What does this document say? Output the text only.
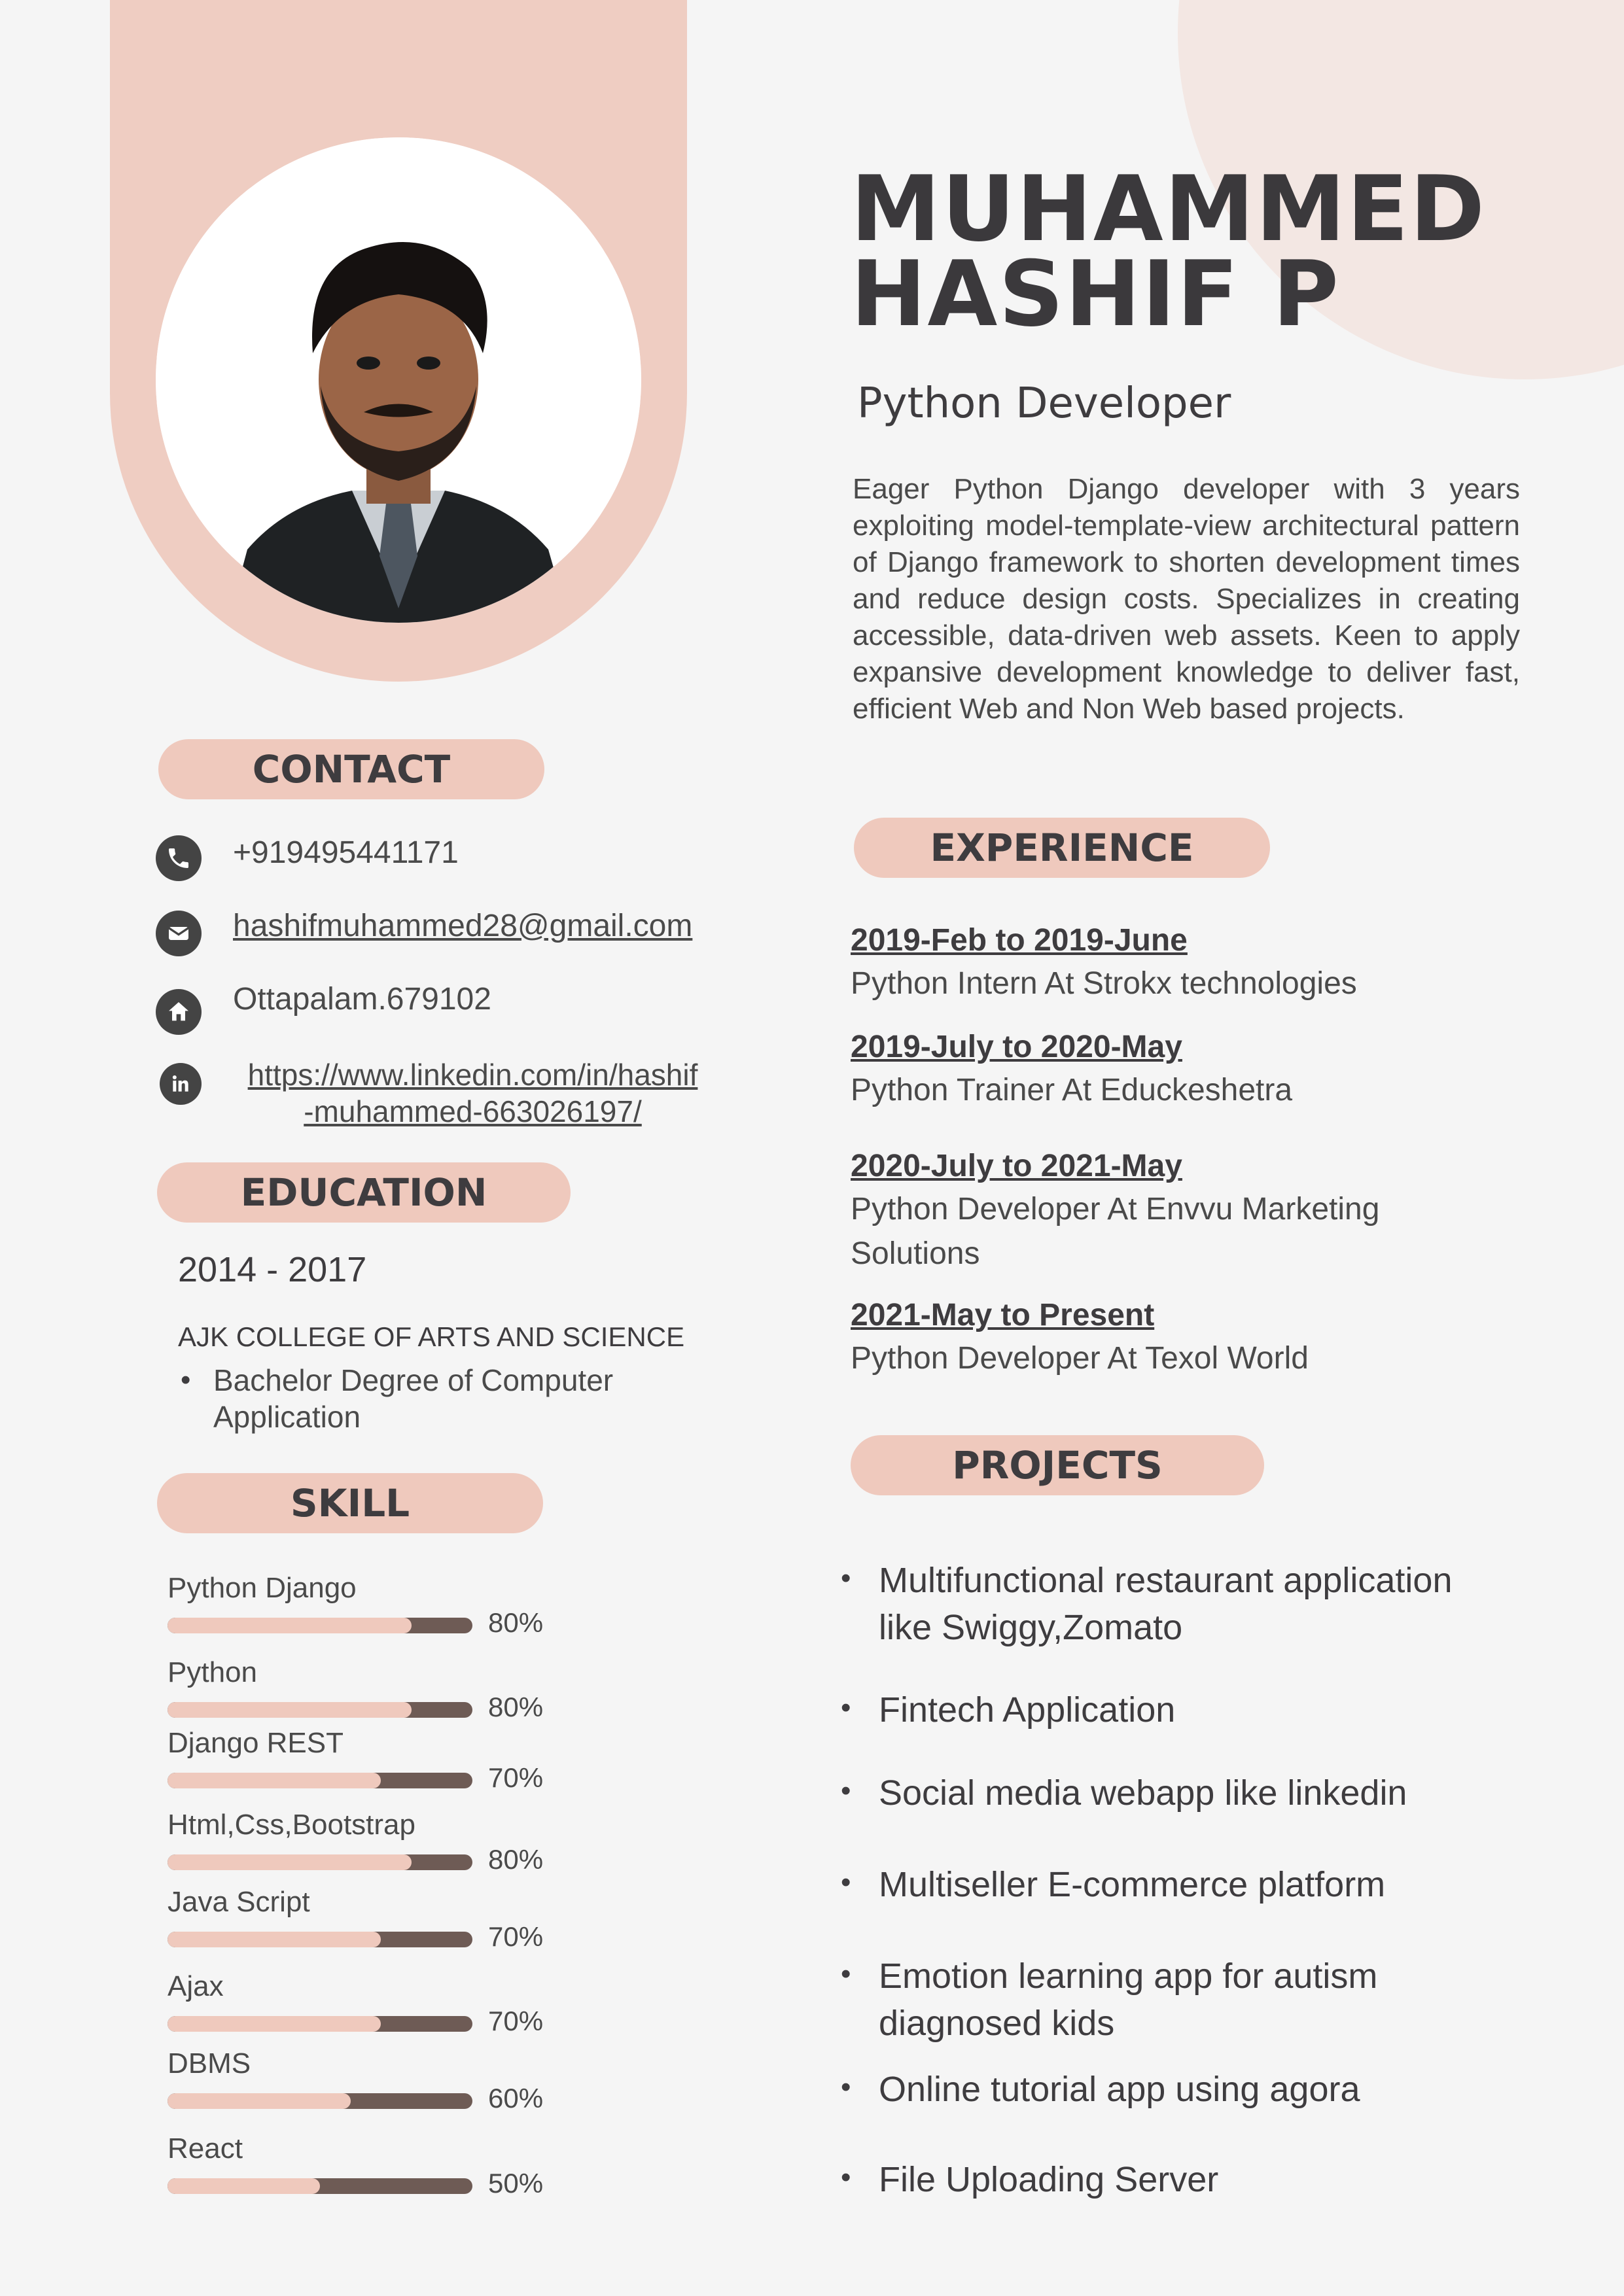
MUHAMMED
HASHIF P
Python Developer
Eager Python Django developer with 3 years exploiting model-template-view architectural pattern of Django framework to shorten development times and reduce design costs. Specializes in creating accessible, data-driven web assets. Keen to apply expansive development knowledge to deliver fast, efficient Web and Non Web based projects.
CONTACT
+919495441171
hashifmuhammed28@gmail.com
Ottapalam.679102
https://www.linkedin.com/in/hashif
-muhammed-663026197/
EDUCATION
2014 - 2017
AJK COLLEGE OF ARTS AND SCIENCE
• Bachelor Degree of Computer Application
SKILL
Python Django
80%
Python
80%
Django REST
70%
Html,Css,Bootstrap
80%
Java Script
70%
Ajax
70%
DBMS
60%
React
50%
EXPERIENCE
2019-Feb to 2019-June
Python Intern At Strokx technologies
2019-July to 2020-May
Python Trainer At Educkeshetra
2020-July to 2021-May
Python Developer At Envvu Marketing Solutions
2021-May to Present
Python Developer At Texol World
PROJECTS
• Multifunctional restaurant application like Swiggy,Zomato
• Fintech Application
• Social media webapp like linkedin
• Multiseller E-commerce platform
• Emotion learning app for autism diagnosed kids
• Online tutorial app using agora
• File Uploading Server
